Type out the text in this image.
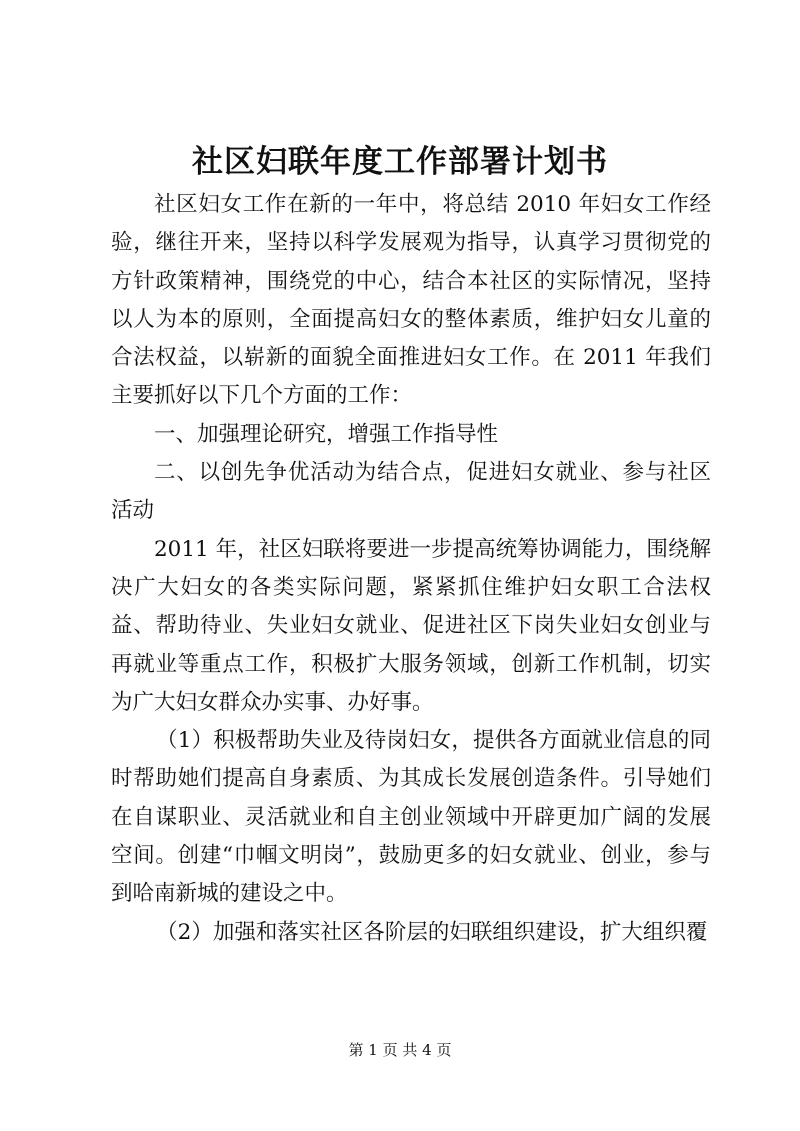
社区妇联年度工作部署计划书

社区妇女工作在新的一年中，将总结 2010 年妇女工作经验，继往开来，坚持以科学发展观为指导，认真学习贯彻党的方针政策精神，围绕党的中心，结合本社区的实际情况，坚持以人为本的原则，全面提高妇女的整体素质，维护妇女儿童的合法权益，以崭新的面貌全面推进妇女工作。在 2011 年我们主要抓好以下几个方面的工作：

一、加强理论研究，增强工作指导性

二、以创先争优活动为结合点，促进妇女就业、参与社区活动

2011 年，社区妇联将要进一步提高统筹协调能力，围绕解决广大妇女的各类实际问题，紧紧抓住维护妇女职工合法权益、帮助待业、失业妇女就业、促进社区下岗失业妇女创业与再就业等重点工作，积极扩大服务领域，创新工作机制，切实为广大妇女群众办实事、办好事。

（1）积极帮助失业及待岗妇女，提供各方面就业信息的同时帮助她们提高自身素质、为其成长发展创造条件。引导她们在自谋职业、灵活就业和自主创业领域中开辟更加广阔的发展空间。创建“巾帼文明岗”，鼓励更多的妇女就业、创业，参与到哈南新城的建设之中。

（2）加强和落实社区各阶层的妇联组织建设，扩大组织覆

第 1 页 共 4 页
